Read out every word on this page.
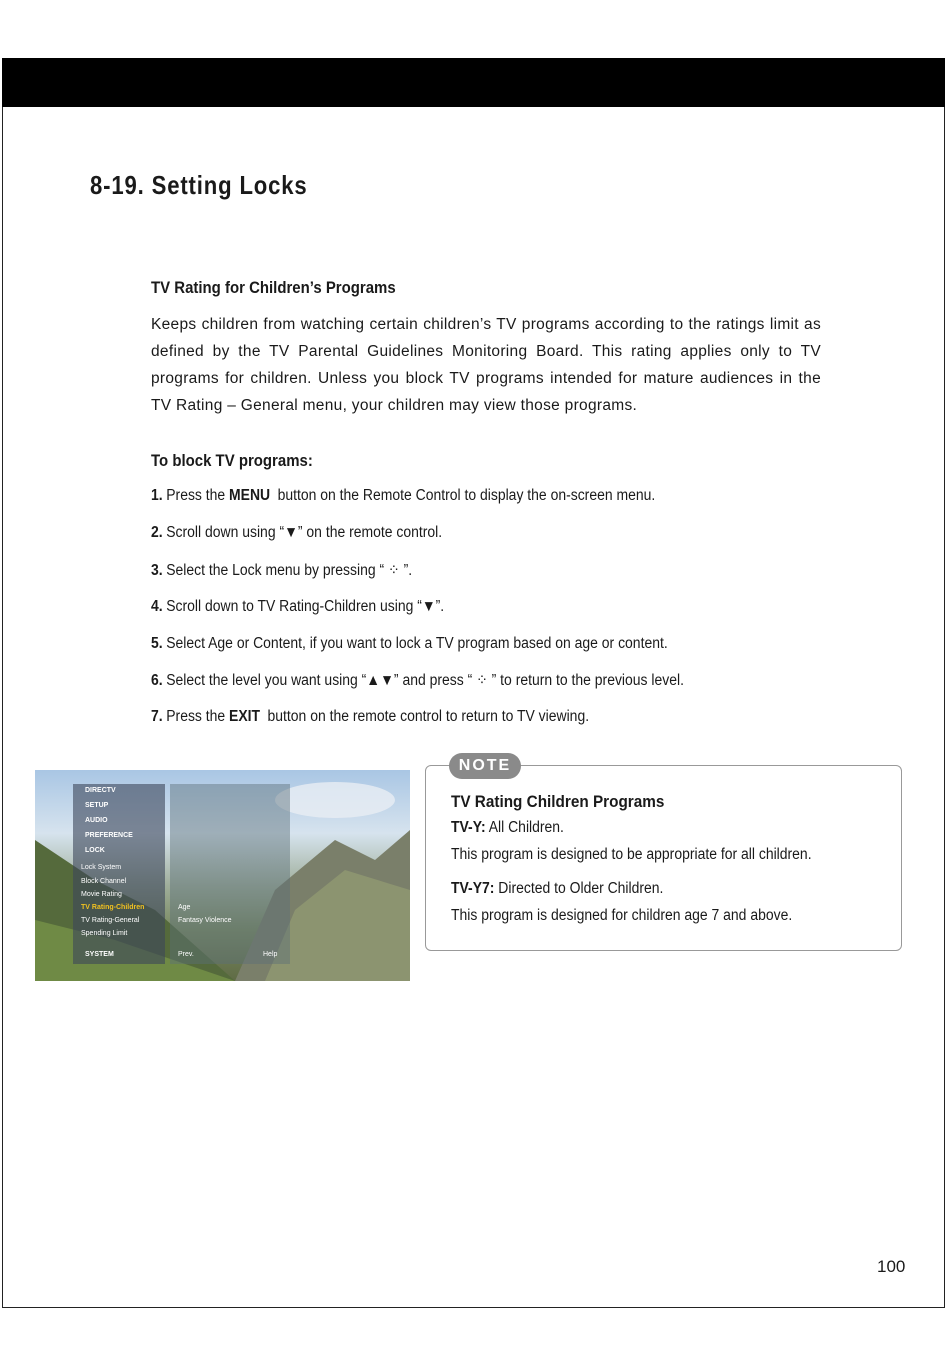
8-19. Setting Locks
TV Rating for Children’s Programs
Keeps children from watching certain children’s TV programs according to the ratings limit as defined by the TV Parental Guidelines Monitoring Board. This rating applies only to TV programs for children. Unless you block TV programs intended for mature audiences in the TV Rating – General menu, your children may view those programs.
To block TV programs:
1. Press the MENU button on the Remote Control to display the on-screen menu.
2. Scroll down using “▼” on the remote control.
3. Select the Lock menu by pressing “ ⁘ ”.
4. Scroll down to TV Rating-Children using “▼”.
5. Select Age or Content, if you want to lock a TV program based on age or content.
6. Select the level you want using “▲▼” and press “ ⁘ ” to return to the previous level.
7. Press the EXIT button on the remote control to return to TV viewing.
DIRECTV
SETUP
AUDIO
PREFERENCE
LOCK
Lock System
Block Channel
Movie Rating
TV Rating-Children
TV Rating-General
Spending Limit
SYSTEM
Age
Fantasy Violence
Prev.	Help
NOTE
TV Rating Children Programs
TV-Y: All Children.
This program is designed to be appropriate for all children.
TV-Y7: Directed to Older Children.
This program is designed for children age 7 and above.
100
